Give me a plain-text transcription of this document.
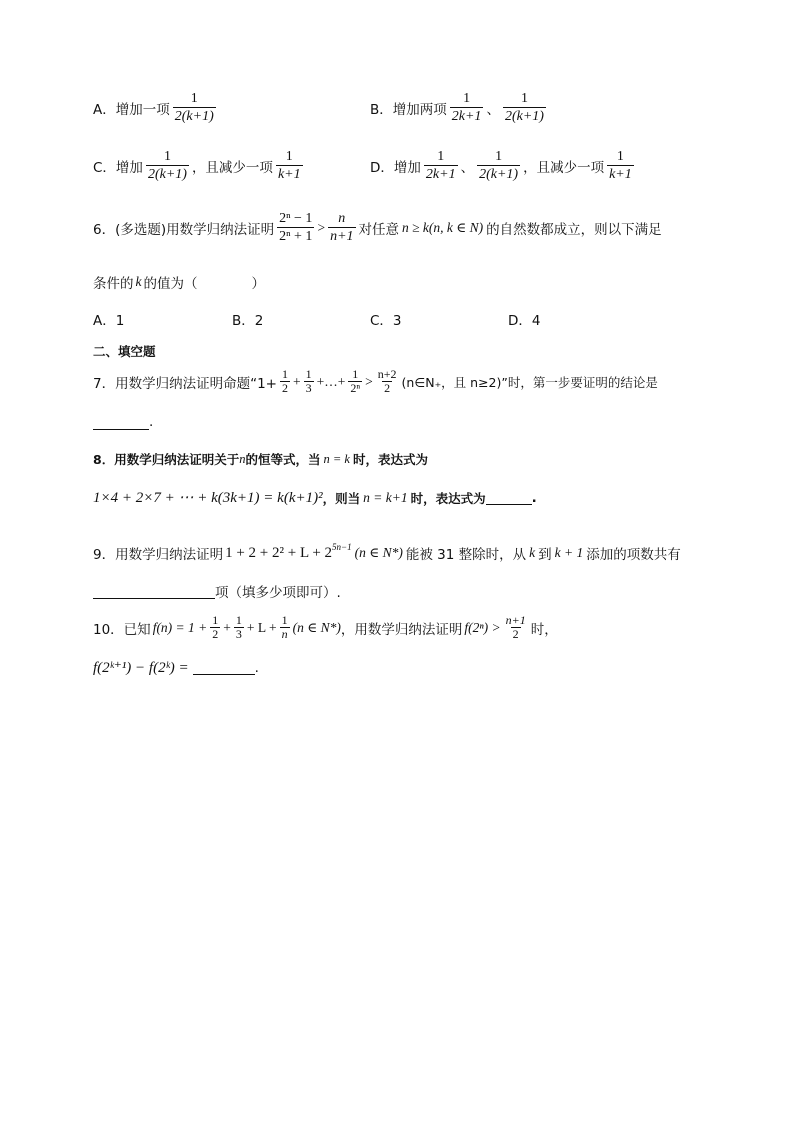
A．增加一项 $\frac{1}{2(k+1)}$	B．增加两项 $\frac{1}{2k+1}$ 、 $\frac{1}{2(k+1)}$
C．增加 $\frac{1}{2(k+1)}$ ，且减少一项 $\frac{1}{k+1}$	D．增加 $\frac{1}{2k+1}$ 、 $\frac{1}{2(k+1)}$ ，且减少一项 $\frac{1}{k+1}$
6．(多选题)用数学归纳法证明 $\frac{\text{2ⁿ − 1}}{\text{2ⁿ + 1}} > \frac{n}{n+1}$ 对任意 n ≥ k(n, k ∈ N) 的自然数都成立，则以下满足
条件的 k 的值为（　　　　）
A．1	B．2	C．3	D．4
二、填空题
7．用数学归纳法证明命题“$1+ \frac{1}{2} + \frac{1}{3}$ +…+ $\frac{1}{\text{2ⁿ}} > \frac{n+2}{2}$ (n∈N₊，且 n≥2)”时，第一步要证明的结论是
.
8．用数学归纳法证明关于 n 的恒等式，当 n = k 时，表达式为
1×4 + 2×7 + ⋯ + k(3k+1) = k(k+1)² ，则当 n = k+1 时，表达式为	.
9．用数学归纳法证明 $1 + 2 + 2^2 + L + 2^{5n-1}$ (n ∈ N*) 能被 31 整除时，从 k 到 k + 1 添加的项数共有
项（填多少项即可）.
10．已知 $f(n) = 1 + \frac{1}{2} + \frac{1}{3} + L + \frac{1}{n} (n$ ∈ N*) ，用数学归纳法证明 $f(2^n) > \frac{n+1}{2}$ 时，
f(2ᵏ⁺¹) − f(2ᵏ) =	.
